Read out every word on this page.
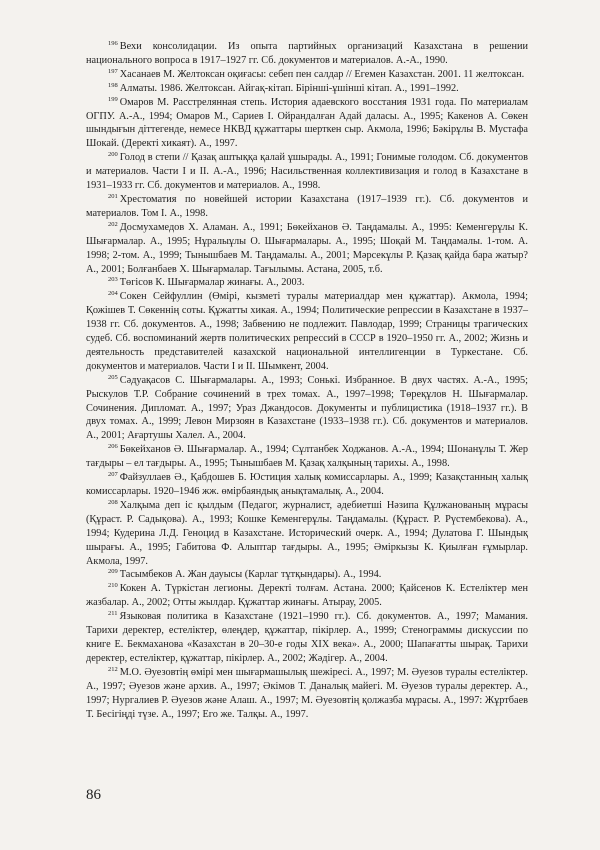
$^{196}$ Вехи консолидации. Из опыта партийных организаций Казахстана в решении национального вопроса в 1917–1927 гг. Сб. документов и материалов. А.-А., 1990.

$^{197}$ Хасанаев М. Желтоксан оқиғасы: себеп пен салдар // Егемен Казахстан. 2001. 11 желтоксан.

$^{198}$ Алматы. 1986. Желтоксан. Айгақ-кітап. Бірінші-ұшінші кітап. А., 1991–1992.

$^{199}$ Омаров М. Расстрелянная степь. История адаевского восстания 1931 года. По материалам ОГПУ. А.-А., 1994; Омаров М., Сариев І. Ойрандалған Адай даласы. А., 1995; Какенов А. Сөкен шындығын діттегенде, немесе НКВД құжаттары шерткен сыр. Акмола, 1996; Бәкірұлы В. Мустафа Шокай. (Деректі хикаят). А., 1997.

$^{200}$ Голод в степи // Қазақ аштыққа қалай ұшырады. А., 1991; Гонимые голодом. Сб. документов и материалов. Части I и II. А.-А., 1996; Насильственная коллективизация и голод в Казахстане в 1931–1933 гг. Сб. документов и материалов. А., 1998.

$^{201}$ Хрестоматия по новейшей истории Казахстана (1917–1939 гг.). Сб. документов и материалов. Том I. А., 1998.

$^{202}$ Досмухамедов Х. Аламан. А., 1991; Бөкейханов Ә. Таңдамалы. А., 1995: Кеменгерұлы К. Шығармалар. А., 1995; Нұралыұлы О. Шығармалары. А., 1995; Шоқай М. Таңдамалы. 1-том. А. 1998; 2-том. А., 1999; Тынышбаев М. Таңдамалы. А., 2001; Мәрсекұлы Р. Қазақ қайда бара жатыр? А., 2001; Болғанбаев Х. Шығармалар. Тағылымы. Астана, 2005, т.б.

$^{203}$ Төгісов К. Шығармалар жинағы. А., 2003.

$^{204}$ Сокен Сейфуллин (Өмірі, кызметі туралы материалдар мен құжаттар). Акмола, 1994; Қожішев Т. Сөкеннің соты. Құжатты хикая. А., 1994; Политические репрессии в Казахстане в 1937–1938 гг. Сб. документов. А., 1998; Забвению не подлежит. Павлодар, 1999; Страницы трагических судеб. Сб. воспоминаний жертв политических репрессий в СССР в 1920–1950 гг. А., 2002; Жизнь и деятельность представителей казахской национальной интеллигенции в Туркестане. Сб. документов и материалов. Части I и II. Шымкент, 2004.

$^{205}$ Сәдуақасов С. Шығармалары. А., 1993; Сонькі. Избранное. В двух частях. А.-А., 1995; Рыскулов Т.Р. Собрание сочинений в трех томах. А., 1997–1998; Төреқұлов Н. Шығармалар. Сочинения. Дипломат. А., 1997; Ураз Джандосов. Документы и публицистика (1918–1937 гг.). В двух томах. А., 1999; Левон Мирзоян в Казахстане (1933–1938 гг.). Сб. документов и материалов. А., 2001; Ағартушы Халел. А., 2004.

$^{206}$ Бөкейханов Ә. Шығармалар. А., 1994; Сұлтанбек Ходжанов. А.-А., 1994; Шонанұлы Т. Жер тағдыры – ел тағдыры. А., 1995; Тынышбаев М. Қазақ халқының тарихы. А., 1998.

$^{207}$ Файзуллаев Ә., Қабдошев Б. Юстиция халық комиссарлары. А., 1999; Казақстанның халық комиссарлары. 1920–1946 жж. өмірбаяндық анықтамалық. А., 2004.

$^{208}$ Халқыма деп іс қылдым (Педагог, журналист, әдебиетші Нәзипа Құлжанованың мұрасы (Құраст. Р. Садықова). А., 1993; Кошке Кеменгерұлы. Таңдамалы. (Құраст. Р. Рүстембекова). А., 1994; Кудерина Л.Д. Геноцид в Казахстане. Исторический очерк. А., 1994; Дулатова Г. Шындық шырағы. А., 1995; Габитова Ф. Алыптар тағдыры. А., 1995; Әміркызы К. Қиылған ғұмырлар. Акмола, 1997.

$^{209}$ Тасымбеков А. Жан дауысы (Карлаг тұтқындары). А., 1994.

$^{210}$ Кокен А. Түркістан легионы. Деректі толғам. Астана. 2000; Қайсенов К. Естеліктер мен жазбалар. А., 2002; Отты жылдар. Құжаттар жинағы. Атырау, 2005.

$^{211}$ Языковая политика в Казахстане (1921–1990 гг.). Сб. документов. А., 1997; Мамания. Тарихи деректер, естеліктер, өлеңдер, құжаттар, пікірлер. А., 1999; Стенограммы дискуссии по книге Е. Бекмаханова «Казахстан в 20–30-е годы XIX века». А., 2000; Шапағатты шырақ. Тарихи деректер, естеліктер, құжаттар, пікірлер. А., 2002; Жәдігер. А., 2004.

$^{212}$ М.О. Әуезовтің өмірі мен шығармашылық шежіресі. А., 1997; М. Әуезов туралы естеліктер. А., 1997; Әуезов және архив. А., 1997; Әкімов Т. Даналық майегі. М. Әуезов туралы деректер. А., 1997; Нургалиев Р. Әуезов және Алаш. А., 1997; М. Әуезовтің қолжазба мұрасы. А., 1997: Жұртбаев Т. Бесігіңді түзе. А., 1997; Его же. Талқы. А., 1997.

86
